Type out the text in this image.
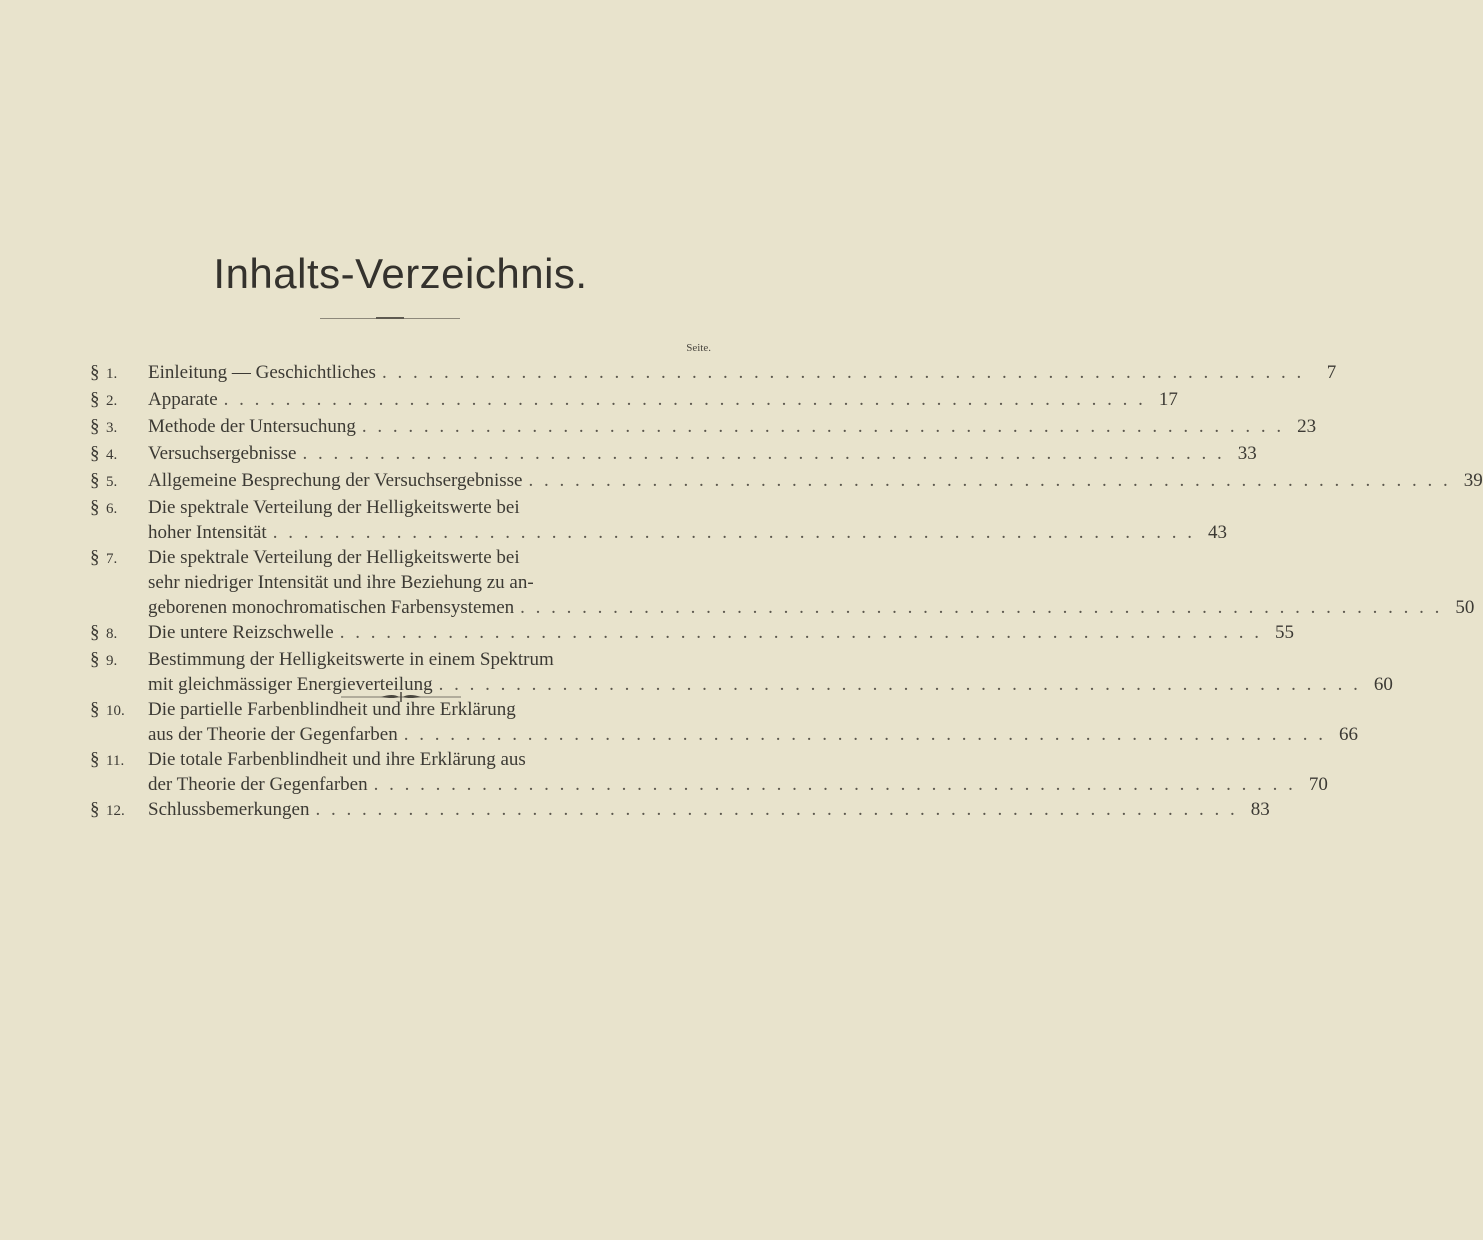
Inhalts-Verzeichnis.
Seite.
§ 1.	Einleitung — Geschichtliches . . . . . . . . . . . . . . . . . . . . . . . . . . . . . . . . . . . . . . . . . . . . . . . . . . . . . . . . . . . .	7
§ 2.	Apparate . . . . . . . . . . . . . . . . . . . . . . . . . . . . . . . . . . . . . . . . . . . . . . . . . . . . . . . . . . . . 17
§ 3.	Methode der Untersuchung . . . . . . . . . . . . . . . . . . . . . . . . . . . . . . . . . . . . . . . . . . . . . . . . . . . . . . . . . . . . 23
§ 4.	Versuchsergebnisse . . . . . . . . . . . . . . . . . . . . . . . . . . . . . . . . . . . . . . . . . . . . . . . . . . . . . . . . . . . . 33
§ 5.	Allgemeine Besprechung der Versuchsergebnisse . . . . . . . . . . . . . . . . . . . . . . . . . . . . . . . . . . . . . . . . . . . . . . . . . . . . . . . . . . . . 39
§ 6.	Die spektrale Verteilung der Helligkeitswerte bei
hoher Intensität . . . . . . . . . . . . . . . . . . . . . . . . . . . . . . . . . . . . . . . . . . . . . . . . . . . . . . . . . . . . 43
§ 7.	Die spektrale Verteilung der Helligkeitswerte bei
sehr niedriger Intensität und ihre Beziehung zu an-
geborenen monochromatischen Farbensystemen . . . . . . . . . . . . . . . . . . . . . . . . . . . . . . . . . . . . . . . . . . . . . . . . . . . . . . . . . . . . 50
§ 8.	Die untere Reizschwelle . . . . . . . . . . . . . . . . . . . . . . . . . . . . . . . . . . . . . . . . . . . . . . . . . . . . . . . . . . . . 55
§ 9.	Bestimmung der Helligkeitswerte in einem Spektrum
mit gleichmässiger Energieverteilung . . . . . . . . . . . . . . . . . . . . . . . . . . . . . . . . . . . . . . . . . . . . . . . . . . . . . . . . . . . . 60
§ 10.	Die partielle Farbenblindheit und ihre Erklärung
aus der Theorie der Gegenfarben . . . . . . . . . . . . . . . . . . . . . . . . . . . . . . . . . . . . . . . . . . . . . . . . . . . . . . . . . . . . 66
§ 11.	Die totale Farbenblindheit und ihre Erklärung aus
der Theorie der Gegenfarben . . . . . . . . . . . . . . . . . . . . . . . . . . . . . . . . . . . . . . . . . . . . . . . . . . . . . . . . . . . . 70
§ 12.	Schlussbemerkungen . . . . . . . . . . . . . . . . . . . . . . . . . . . . . . . . . . . . . . . . . . . . . . . . . . . . . . . . . . . . 83
